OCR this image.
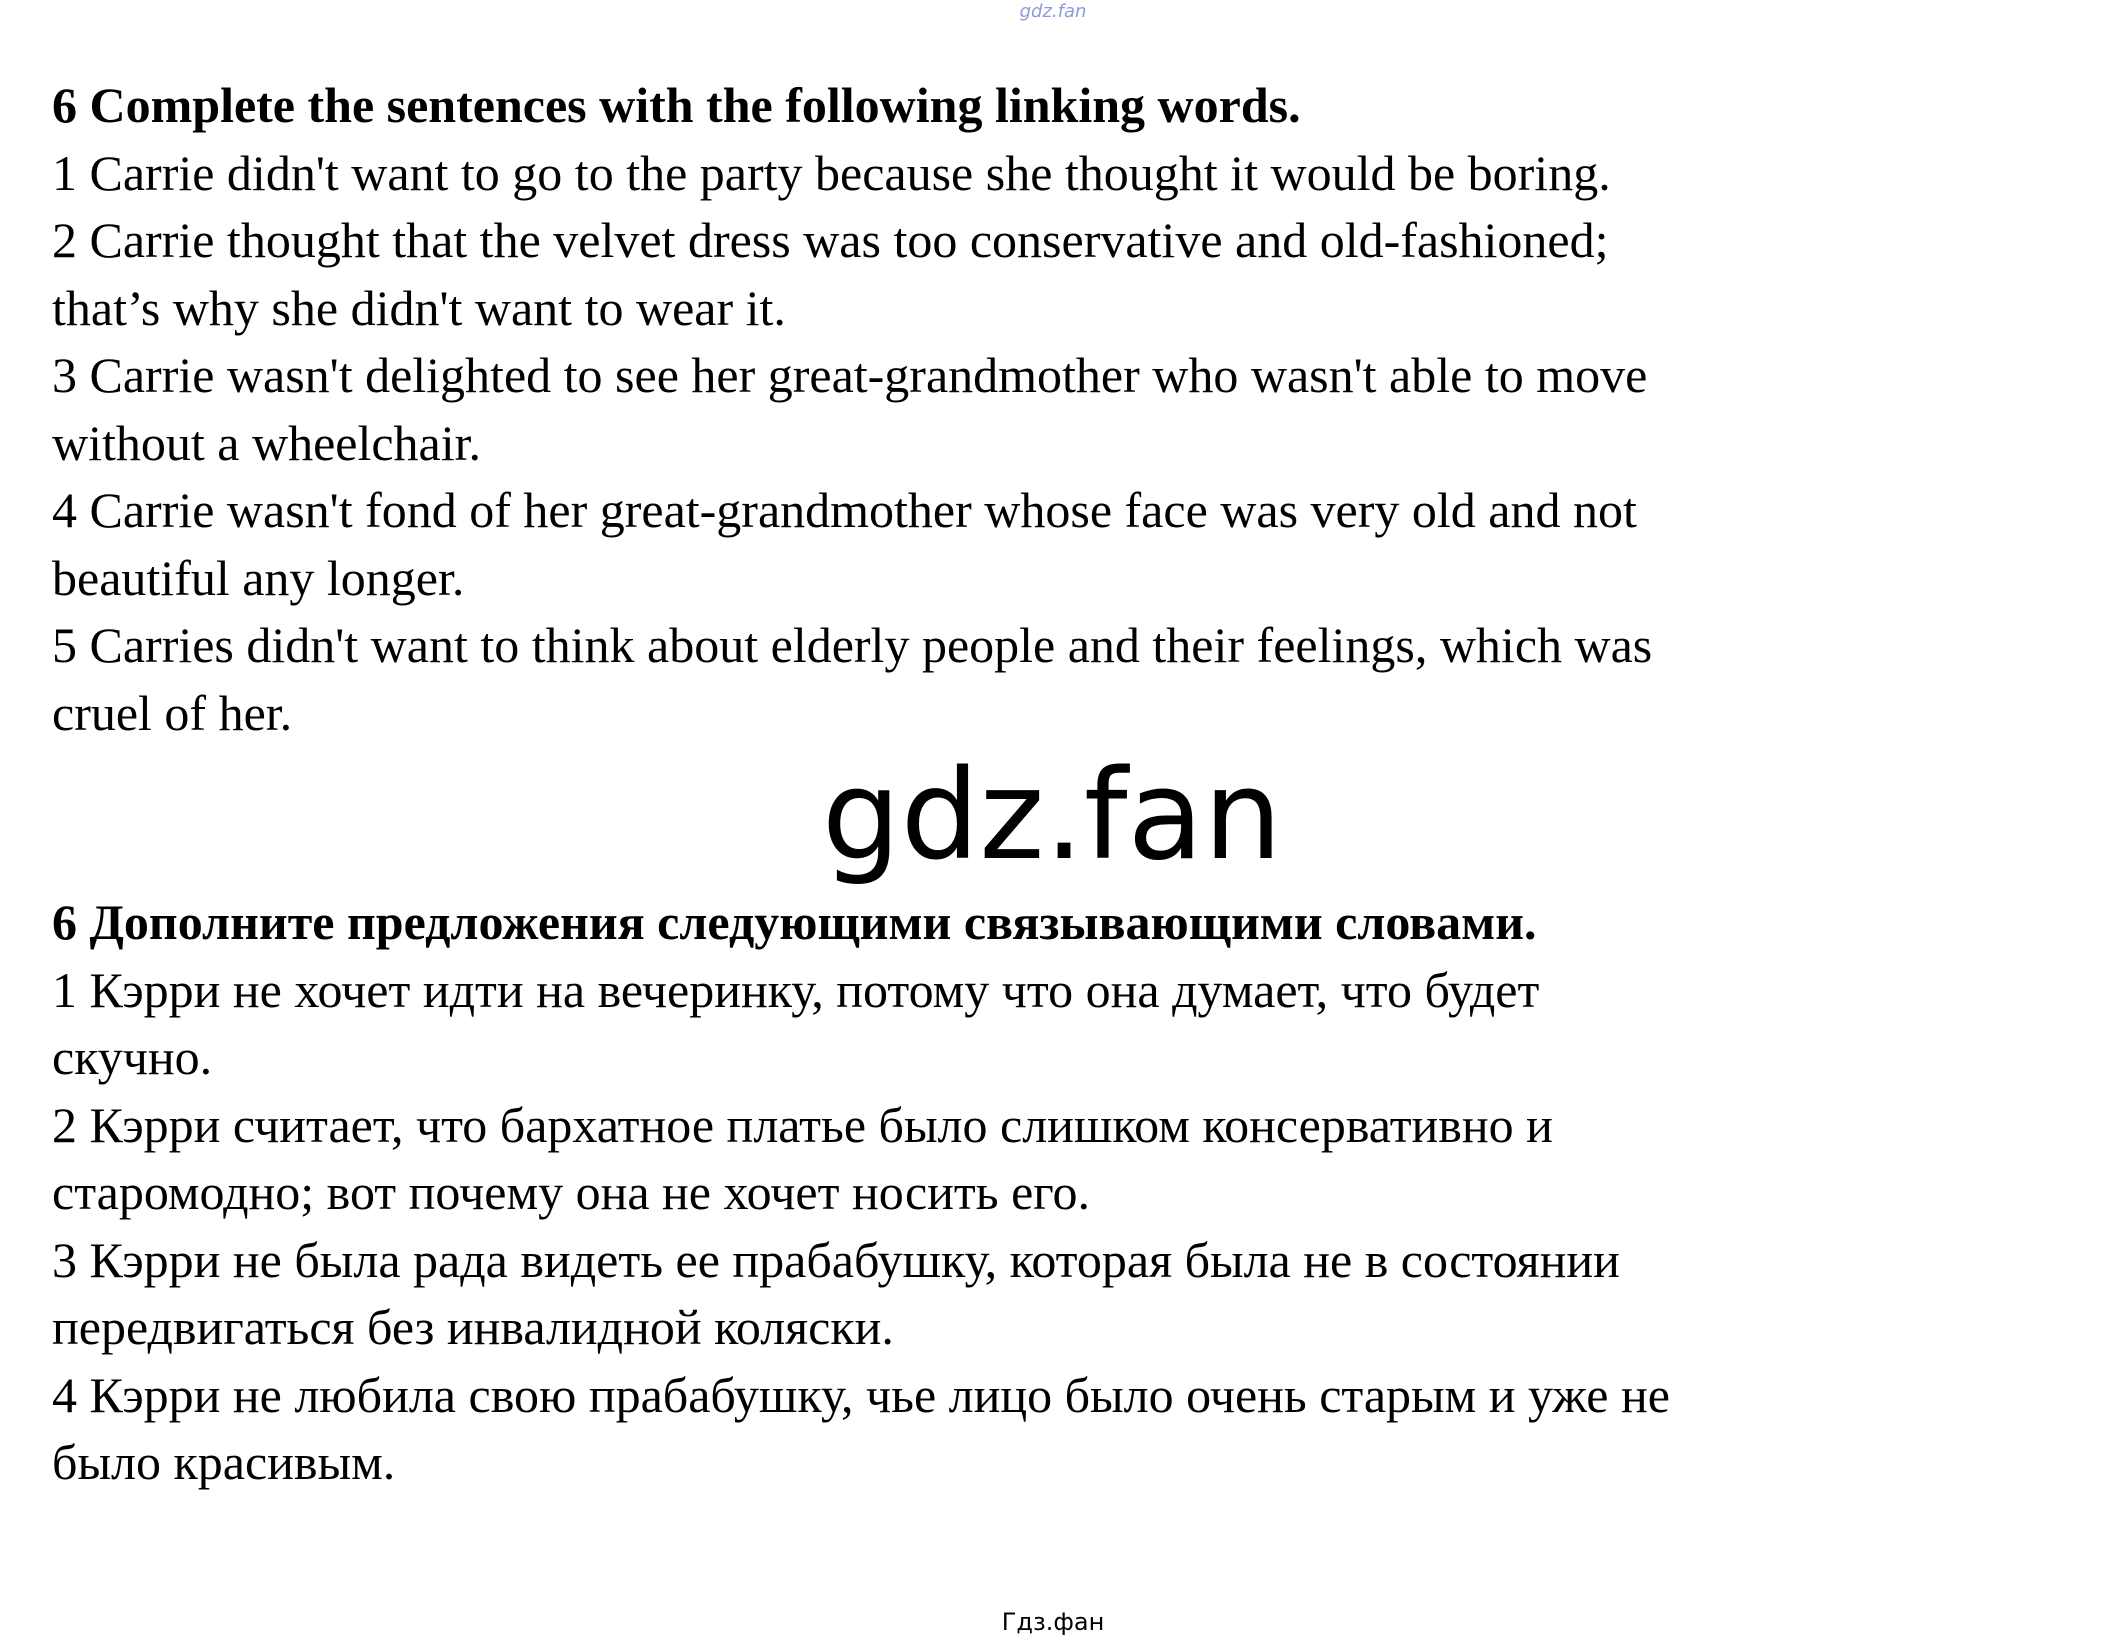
gdz.fan
6 Complete the sentences with the following linking words.
1 Carrie didn't want to go to the party because she thought it would be boring.
2 Carrie thought that the velvet dress was too conservative and old-fashioned;
that’s why she didn't want to wear it.
3 Carrie wasn't delighted to see her great-grandmother who wasn't able to move
without a wheelchair.
4 Carrie wasn't fond of her great-grandmother whose face was very old and not
beautiful any longer.
5 Carries didn't want to think about elderly people and their feelings, which was
cruel of her.
gdz.fan
6 Дополните предложения следующими связывающими словами.
1 Кэрри не хочет идти на вечеринку, потому что она думает, что будет
скучно.
2 Кэрри считает, что бархатное платье было слишком консервативно и
старомодно; вот почему она не хочет носить его.
3 Кэрри не была рада видеть ее прабабушку, которая была не в состоянии
передвигаться без инвалидной коляски.
4 Кэрри не любила свою прабабушку, чье лицо было очень старым и уже не
было красивым.
Гдз.фан
